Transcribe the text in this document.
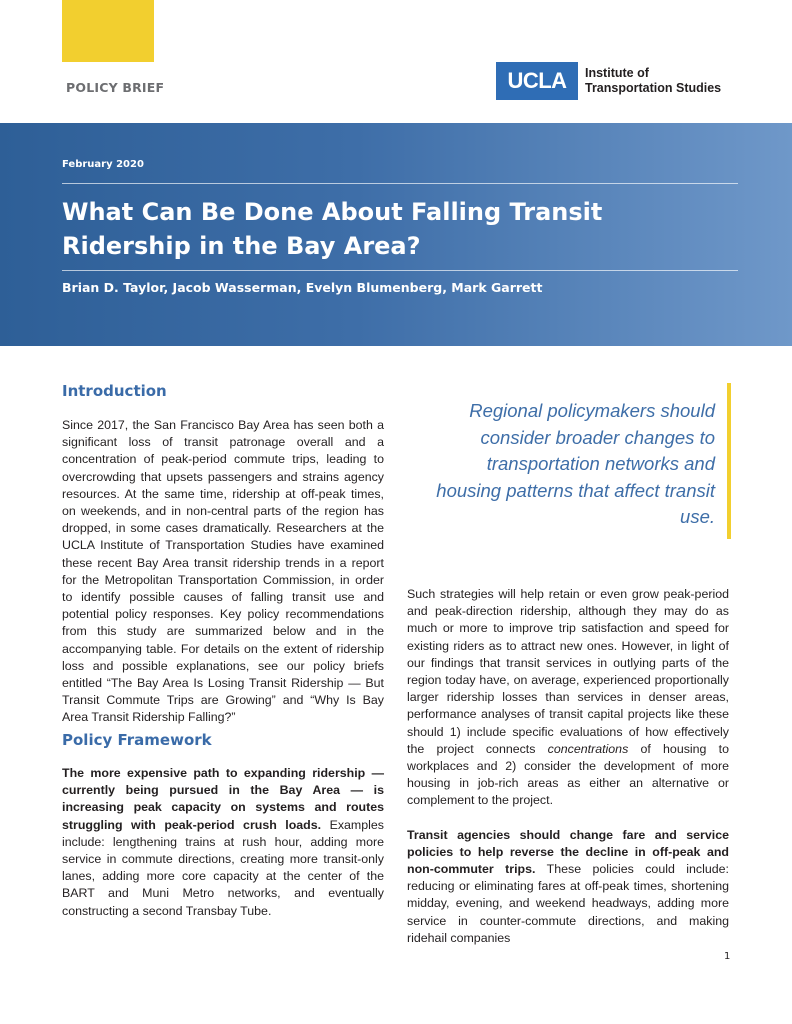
POLICY BRIEF	UCLA	Institute of
Transportation Studies
February 2020
What Can Be Done About Falling Transit
Ridership in the Bay Area?
Brian D. Taylor, Jacob Wasserman, Evelyn Blumenberg, Mark Garrett
Introduction

Since 2017, the San Francisco Bay Area has seen both a significant loss of transit patronage overall and a concentration of peak-period commute trips, leading to overcrowding that upsets passengers and strains agency resources. At the same time, ridership at off-peak times, on weekends, and in non-central parts of the region has dropped, in some cases dramatically. Researchers at the UCLA Institute of Transportation Studies have examined these recent Bay Area transit ridership trends in a report for the Metropolitan Transportation Commission, in order to identify possible causes of falling transit use and potential policy responses. Key policy recommendations from this study are summarized below and in the accompanying table. For details on the extent of ridership loss and possible explanations, see our policy briefs entitled “The Bay Area Is Losing Transit Ridership — But Transit Commute Trips are Growing” and “Why Is Bay Area Transit Ridership Falling?”

Policy Framework

The more expensive path to expanding ridership — currently being pursued in the Bay Area — is increasing peak capacity on systems and routes struggling with peak-period crush loads. Examples include: lengthening trains at rush hour, adding more service in commute directions, creating more transit-only lanes, adding more core capacity at the center of the BART and Muni Metro networks, and eventually constructing a second Transbay Tube.

Regional policymakers should consider broader changes to transportation networks and housing patterns that affect transit use.

Such strategies will help retain or even grow peak-period and peak-direction ridership, although they may do as much or more to improve trip satisfaction and speed for existing riders as to attract new ones. However, in light of our findings that transit services in outlying parts of the region today have, on average, experienced proportionally larger ridership losses than services in denser areas, performance analyses of transit capital projects like these should 1) include specific evaluations of how effectively the project connects concentrations of housing to workplaces and 2) consider the development of more housing in job-rich areas as either an alternative or complement to the project.

Transit agencies should change fare and service policies to help reverse the decline in off-peak and non-commuter trips. These policies could include: reducing or eliminating fares at off-peak times, shortening midday, evening, and weekend headways, adding more service in counter-commute directions, and making ridehail companies

1
